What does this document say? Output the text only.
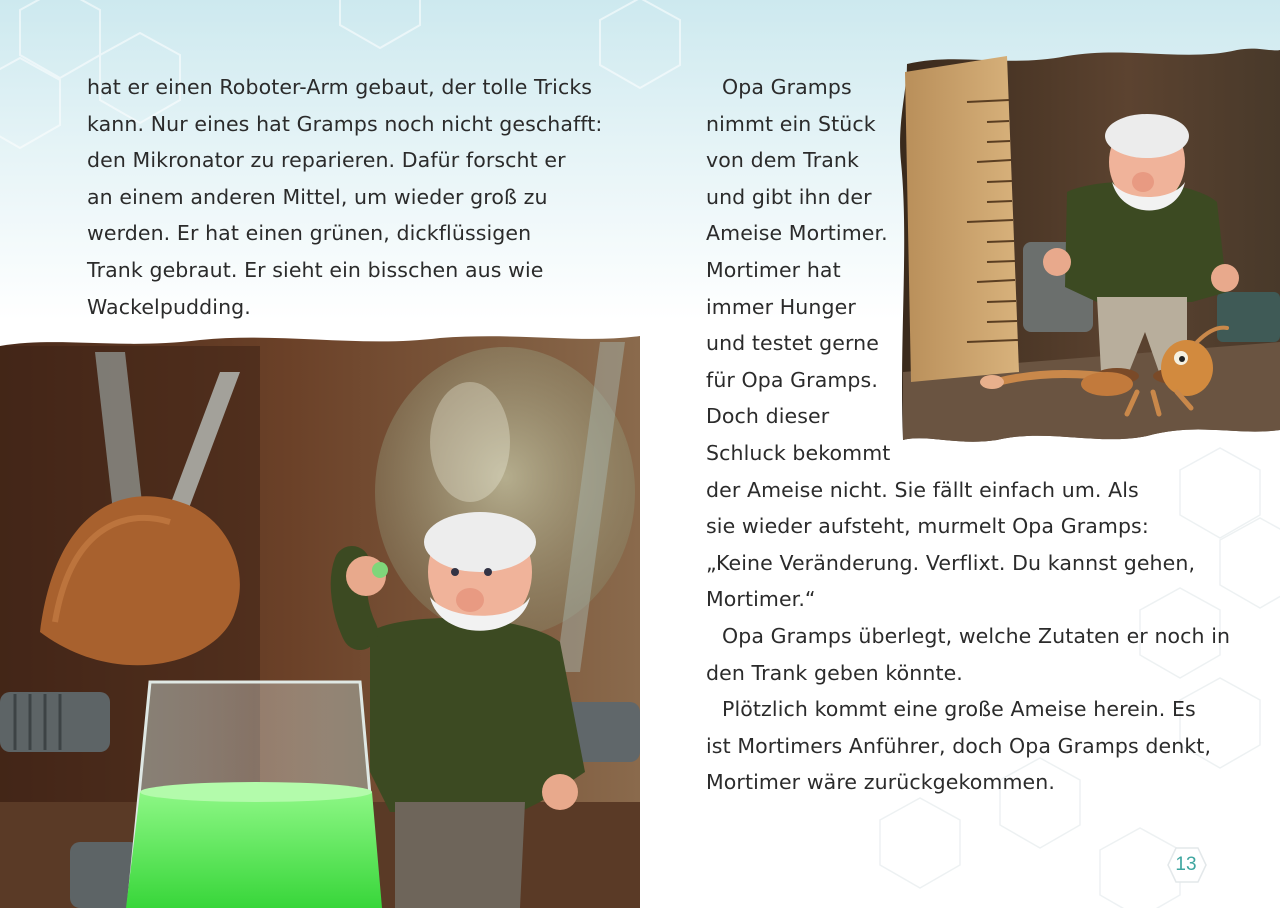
hat er einen Roboter-Arm gebaut, der tolle Tricks
kann. Nur eines hat Gramps noch nicht geschafft:
den Mikronator zu reparieren. Dafür forscht er
an einem anderen Mittel, um wieder groß zu
werden. Er hat einen grünen, dickflüssigen
Trank gebraut. Er sieht ein bisschen aus wie
Wackelpudding.
Opa Gramps
nimmt ein Stück
von dem Trank
und gibt ihn der
Ameise Mortimer.
Mortimer hat
immer Hunger
und testet gerne
für Opa Gramps.
Doch dieser
Schluck bekommt
der Ameise nicht. Sie fällt einfach um. Als
sie wieder aufsteht, murmelt Opa Gramps:
„Keine Veränderung. Verflixt. Du kannst gehen,
Mortimer.“
Opa Gramps überlegt, welche Zutaten er noch in
den Trank geben könnte.
Plötzlich kommt eine große Ameise herein. Es
ist Mortimers Anführer, doch Opa Gramps denkt,
Mortimer wäre zurückgekommen.
13
